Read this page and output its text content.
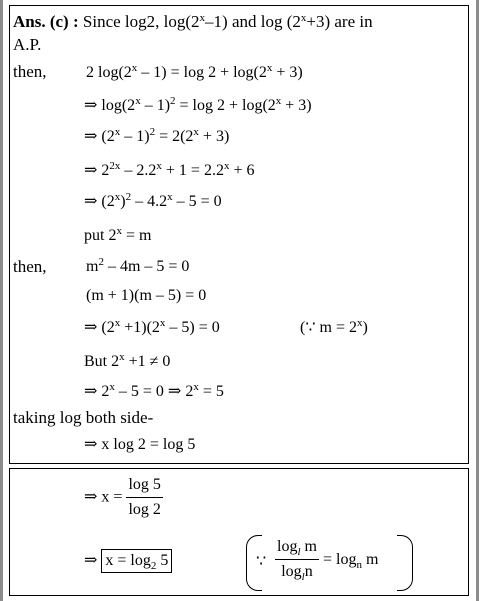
Ans. (c) : Since log2, log(2$^x$–1) and $\log (2^x+3)$ are in
A.P.
then, 2 $\log(2^x - 1) = \log 2 + \log(2^x + 3)$
⇒ $\log(2^x - 1)^2 = \log 2 + \log(2^x + 3)$
⇒ $(2^x - 1)^2 = 2(2^x + 3)$
⇒ $2^{2x} - 2.2^x + 1 = 2.2^x + 6$
⇒ $(2^x)^2 - 4.2^x - 5 = 0$
put $2^x = m$
then, $m^2 - 4m - 5 = 0$
(m + 1)(m – 5) = 0
⇒ $(2^x +1)(2^x - 5) = 0$	(∵ $m = 2^x$)
But $2^x +1 \ne 0$
⇒ 2$^x$ – 5 = 0 ⇒ $2^x = 5$
taking log both side-
⇒ x log 2 = log 5
⇒ $x = \frac{\log 5}{\log 2}$
⇒ $x = \log_2 5$	∵ $\frac{\log_l m}{\log_ln} = \log_n m$
